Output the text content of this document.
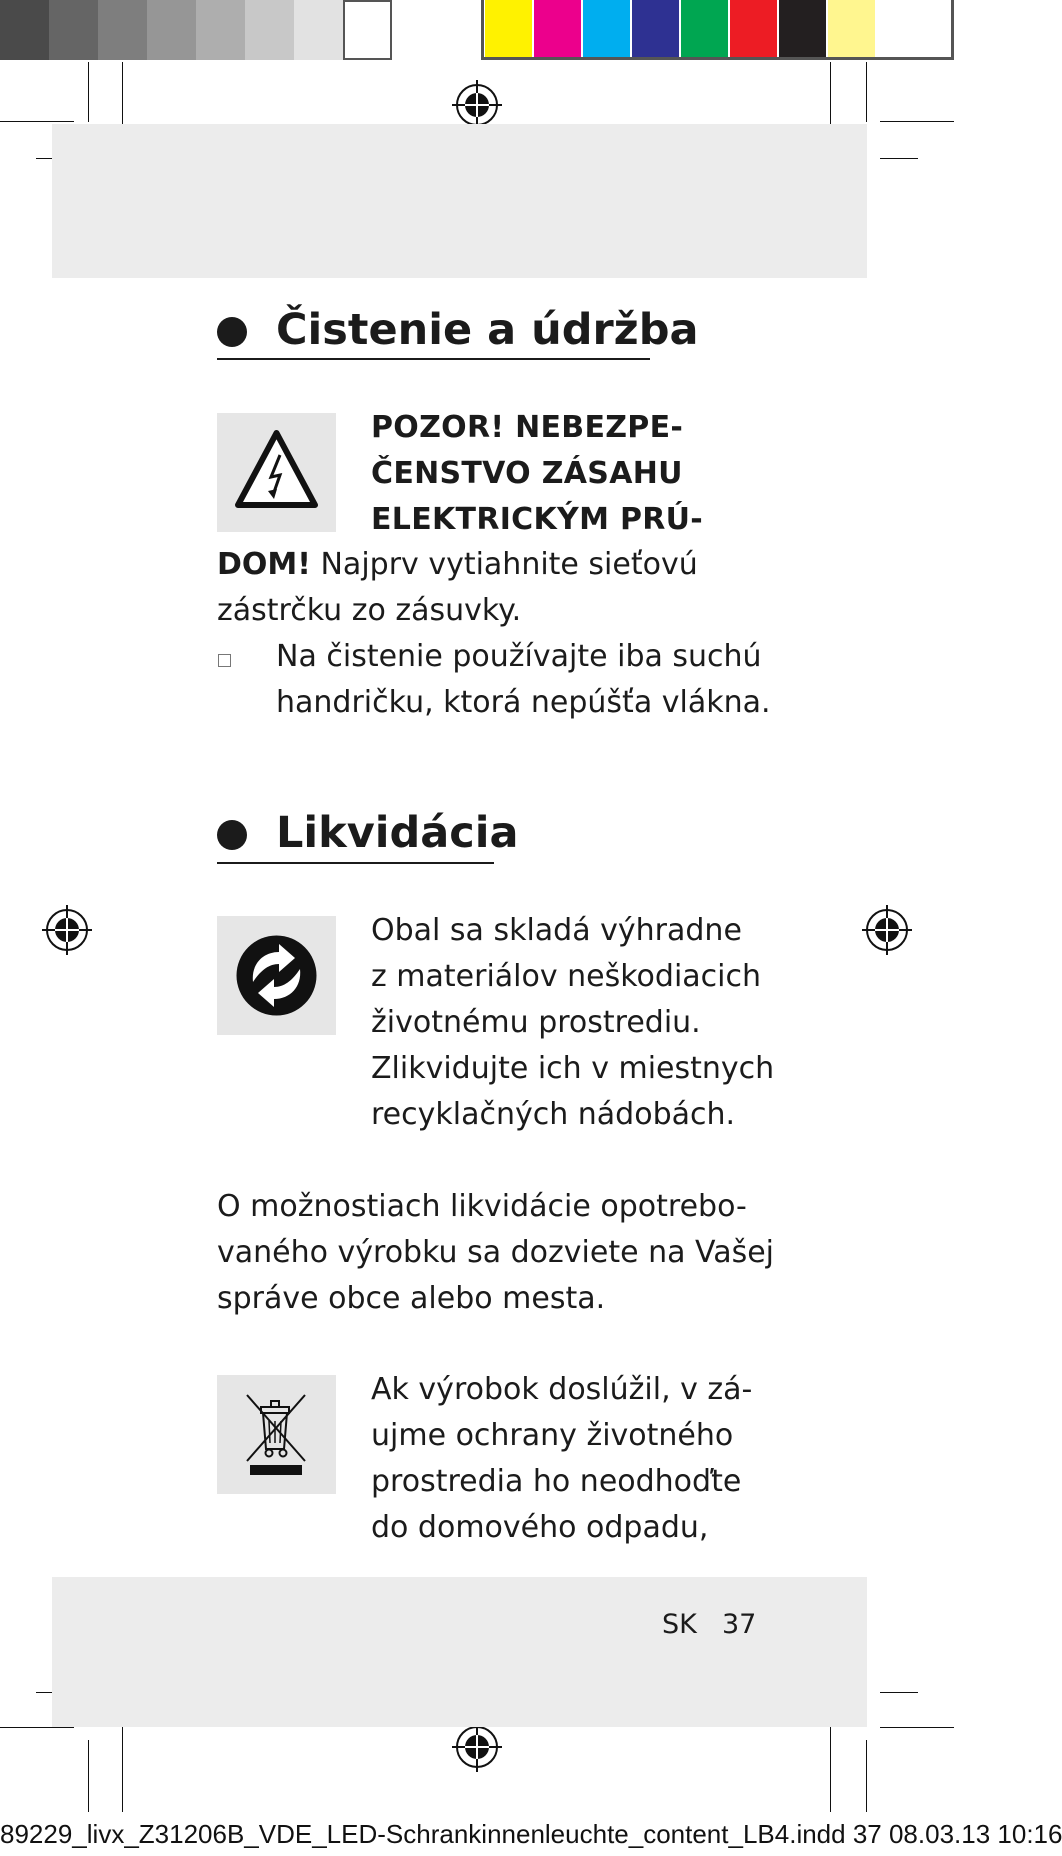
Čistenie a údržba

POZOR! NEBEZPE-

ČENSTVO ZÁSAHU

ELEKTRICKÝM PRÚ-

DOM! Najprv vytiahnite sieťovú

zástrčku zo zásuvky.

Na čistenie používajte iba suchú

handričku, ktorá nepúšťa vlákna.

Likvidácia

Obal sa skladá výhradne

z materiálov neškodiacich

životnému prostrediu.

Zlikvidujte ich v miestnych

recyklačných nádobách.

O možnostiach likvidácie opotrebo-

vaného výrobku sa dozviete na Vašej

správe obce alebo mesta.

Ak výrobok doslúžil, v zá-

ujme ochrany životného

prostredia ho neodhoďte

do domového odpadu,

SK 37
89229_livx_Z31206B_VDE_LED-Schrankinnenleuchte_content_LB4.indd 37 08.03.13 10:16
